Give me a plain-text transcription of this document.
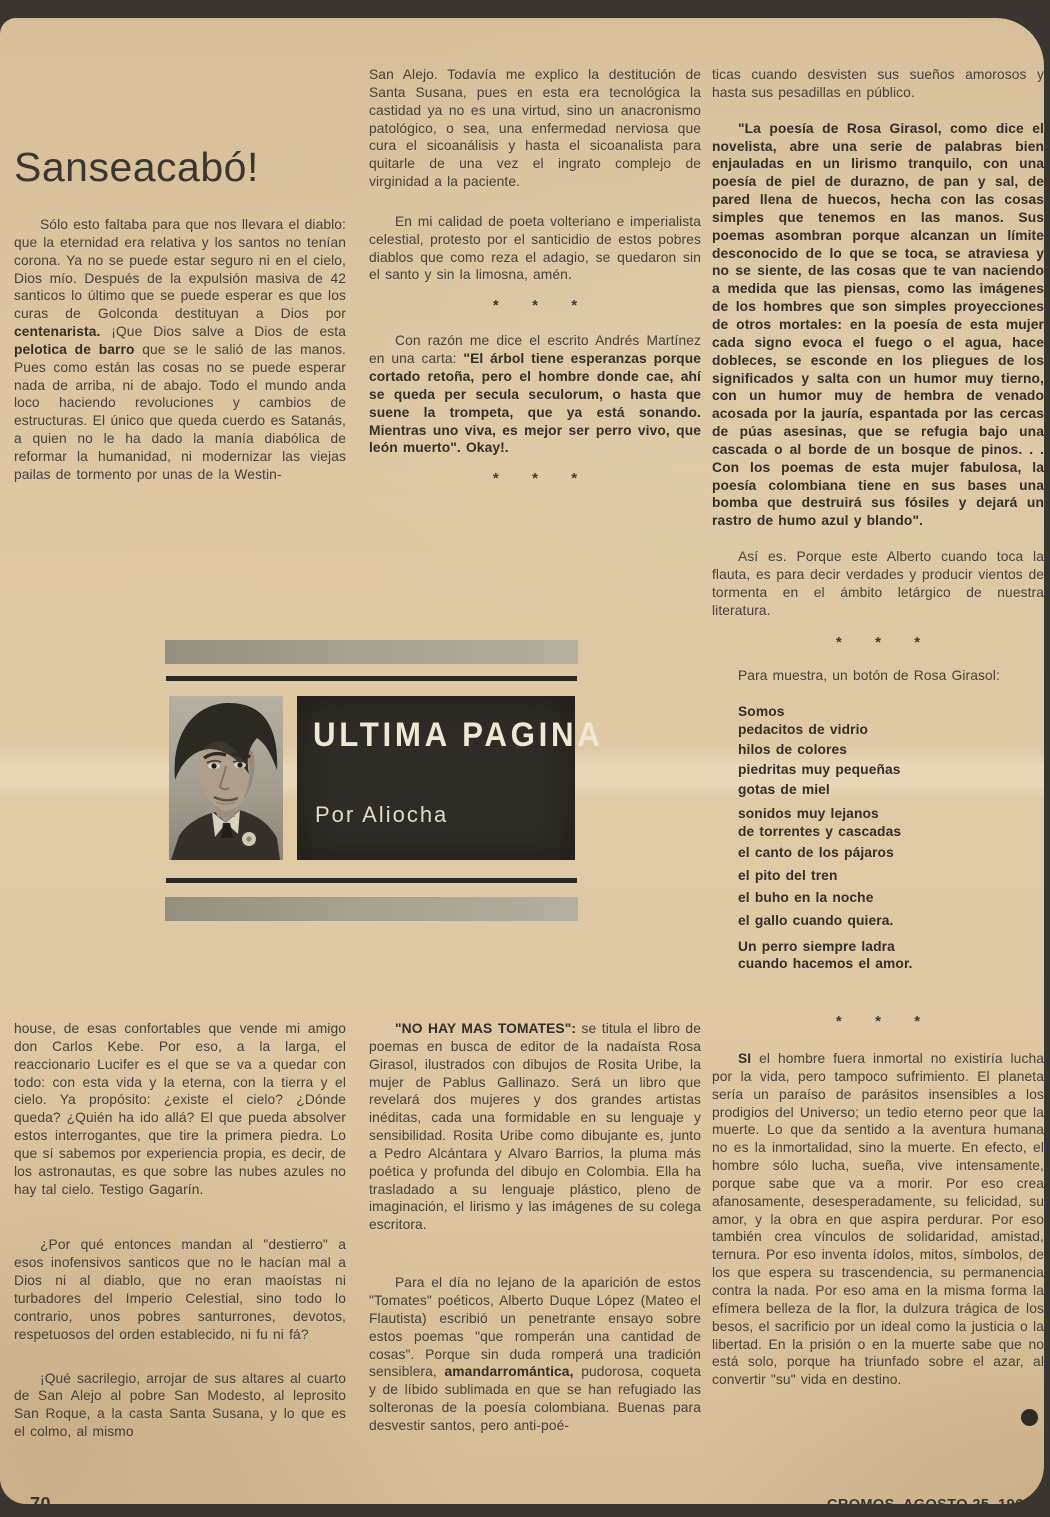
Sanseacabó!

Sólo esto faltaba para que nos llevara el diablo: que la eternidad era relativa y los santos no tenían corona. Ya no se puede estar seguro ni en el cielo, Dios mío. Después de la expulsión masiva de 42 santicos lo último que se puede esperar es que los curas de Golconda destituyan a Dios por centenarista. ¡Que Dios salve a Dios de esta pelotica de barro que se le salió de las manos. Pues como están las cosas no se puede esperar nada de arriba, ni de abajo. Todo el mundo anda loco haciendo revoluciones y cambios de estructuras. El único que queda cuerdo es Satanás, a quien no le ha dado la manía diabólica de reformar la humanidad, ni modernizar las viejas pailas de tormento por unas de la Westin-

San Alejo. Todavía me explico la destitución de Santa Susana, pues en esta era tecnológica la castidad ya no es una virtud, sino un anacronismo patológico, o sea, una enfermedad nerviosa que cura el sicoanálisis y hasta el sicoanalista para quitarle de una vez el ingrato complejo de virginidad a la paciente.

En mi calidad de poeta volteriano e imperialista celestial, protesto por el santicidio de estos pobres diablos que como reza el adagio, se quedaron sin el santo y sin la limosna, amén.

* * *

Con razón me dice el escrito Andrés Martínez en una carta: "El árbol tiene esperanzas porque cortado retoña, pero el hombre donde cae, ahí se queda per secula seculorum, o hasta que suene la trompeta, que ya está sonando. Mientras uno viva, es mejor ser perro vivo, que león muerto". Okay!.

* * *

ticas cuando desvisten sus sueños amorosos y hasta sus pesadillas en público.

"La poesía de Rosa Girasol, como dice el novelista, abre una serie de palabras bien enjauladas en un lirismo tranquilo, con una poesía de piel de durazno, de pan y sal, de pared llena de huecos, hecha con las cosas simples que tenemos en las manos. Sus poemas asombran porque alcanzan un límite desconocido de lo que se toca, se atraviesa y no se siente, de las cosas que te van naciendo a medida que las piensas, como las imágenes de los hombres que son simples proyecciones de otros mortales: en la poesía de esta mujer cada signo evoca el fuego o el agua, hace dobleces, se esconde en los pliegues de los significados y salta con un humor muy tierno, con un humor muy de hembra de venado acosada por la jauría, espantada por las cercas de púas asesinas, que se refugia bajo una cascada o al borde de un bosque de pinos. . . Con los poemas de esta mujer fabulosa, la poesía colombiana tiene en sus bases una bomba que destruirá sus fósiles y dejará un rastro de humo azul y blando".

Así es. Porque este Alberto cuando toca la flauta, es para decir verdades y producir vientos de tormenta en el ámbito letárgico de nuestra literatura.

* * *

Para muestra, un botón de Rosa Girasol:

Somos
pedacitos de vidrio
hilos de colores
piedritas muy pequeñas
gotas de miel
sonidos muy lejanos
de torrentes y cascadas
el canto de los pájaros
el pito del tren
el buho en la noche
el gallo cuando quiera.
Un perro siempre ladra
cuando hacemos el amor.

ULTIMA PAGINA

Por Aliocha

house, de esas confortables que vende mi amigo don Carlos Kebe. Por eso, a la larga, el reaccionario Lucifer es el que se va a quedar con todo: con esta vida y la eterna, con la tierra y el cielo. Ya propósito: ¿existe el cielo? ¿Dónde queda? ¿Quién ha ido allá? El que pueda absolver estos interrogantes, que tire la primera piedra. Lo que sí sabemos por experiencia propia, es decir, de los astronautas, es que sobre las nubes azules no hay tal cielo. Testigo Gagarín.

¿Por qué entonces mandan al "destierro" a esos inofensivos santicos que no le hacían mal a Dios ni al diablo, que no eran maoístas ni turbadores del Imperio Celestial, sino todo lo contrario, unos pobres santurrones, devotos, respetuosos del orden establecido, ni fu ni fá?

¡Qué sacrilegio, arrojar de sus altares al cuarto de San Alejo al pobre San Modesto, al leprosito San Roque, a la casta Santa Susana, y lo que es el colmo, al mismo

"NO HAY MAS TOMATES": se titula el libro de poemas en busca de editor de la nadaísta Rosa Girasol, ilustrados con dibujos de Rosita Uribe, la mujer de Pablus Gallinazo. Será un libro que revelará dos mujeres y dos grandes artistas inéditas, cada una formidable en su lenguaje y sensibilidad. Rosita Uribe como dibujante es, junto a Pedro Alcántara y Alvaro Barrios, la pluma más poética y profunda del dibujo en Colombia. Ella ha trasladado a su lenguaje plástico, pleno de imaginación, el lirismo y las imágenes de su colega escritora.

Para el día no lejano de la aparición de estos "Tomates" poéticos, Alberto Duque López (Mateo el Flautista) escribió un penetrante ensayo sobre estos poemas "que romperán una cantidad de cosas". Porque sin duda romperá una tradición sensiblera, amandarromántica, pudorosa, coqueta y de líbido sublimada en que se han refugiado las solteronas de la poesía colombiana. Buenas para desvestir santos, pero anti-poé-

* * *

SI el hombre fuera inmortal no existiría lucha por la vida, pero tampoco sufrimiento. El planeta sería un paraíso de parásitos insensibles a los prodigios del Universo; un tedio eterno peor que la muerte. Lo que da sentido a la aventura humana no es la inmortalidad, sino la muerte. En efecto, el hombre sólo lucha, sueña, vive intensamente, porque sabe que va a morir. Por eso crea afanosamente, desesperadamente, su felicidad, su amor, y la obra en que aspira perdurar. Por eso también crea vínculos de solidaridad, amistad, ternura. Por eso inventa ídolos, mitos, símbolos, de los que espera su trascendencia, su permanencia contra la nada. Por eso ama en la misma forma la efímera belleza de la flor, la dulzura trágica de los besos, el sacrificio por un ideal como la justicia o la libertad. En la prisión o en la muerte sabe que no está solo, porque ha triunfado sobre el azar, al convertir "su" vida en destino.

70	CROMOS, AGOSTO 25, 1969
